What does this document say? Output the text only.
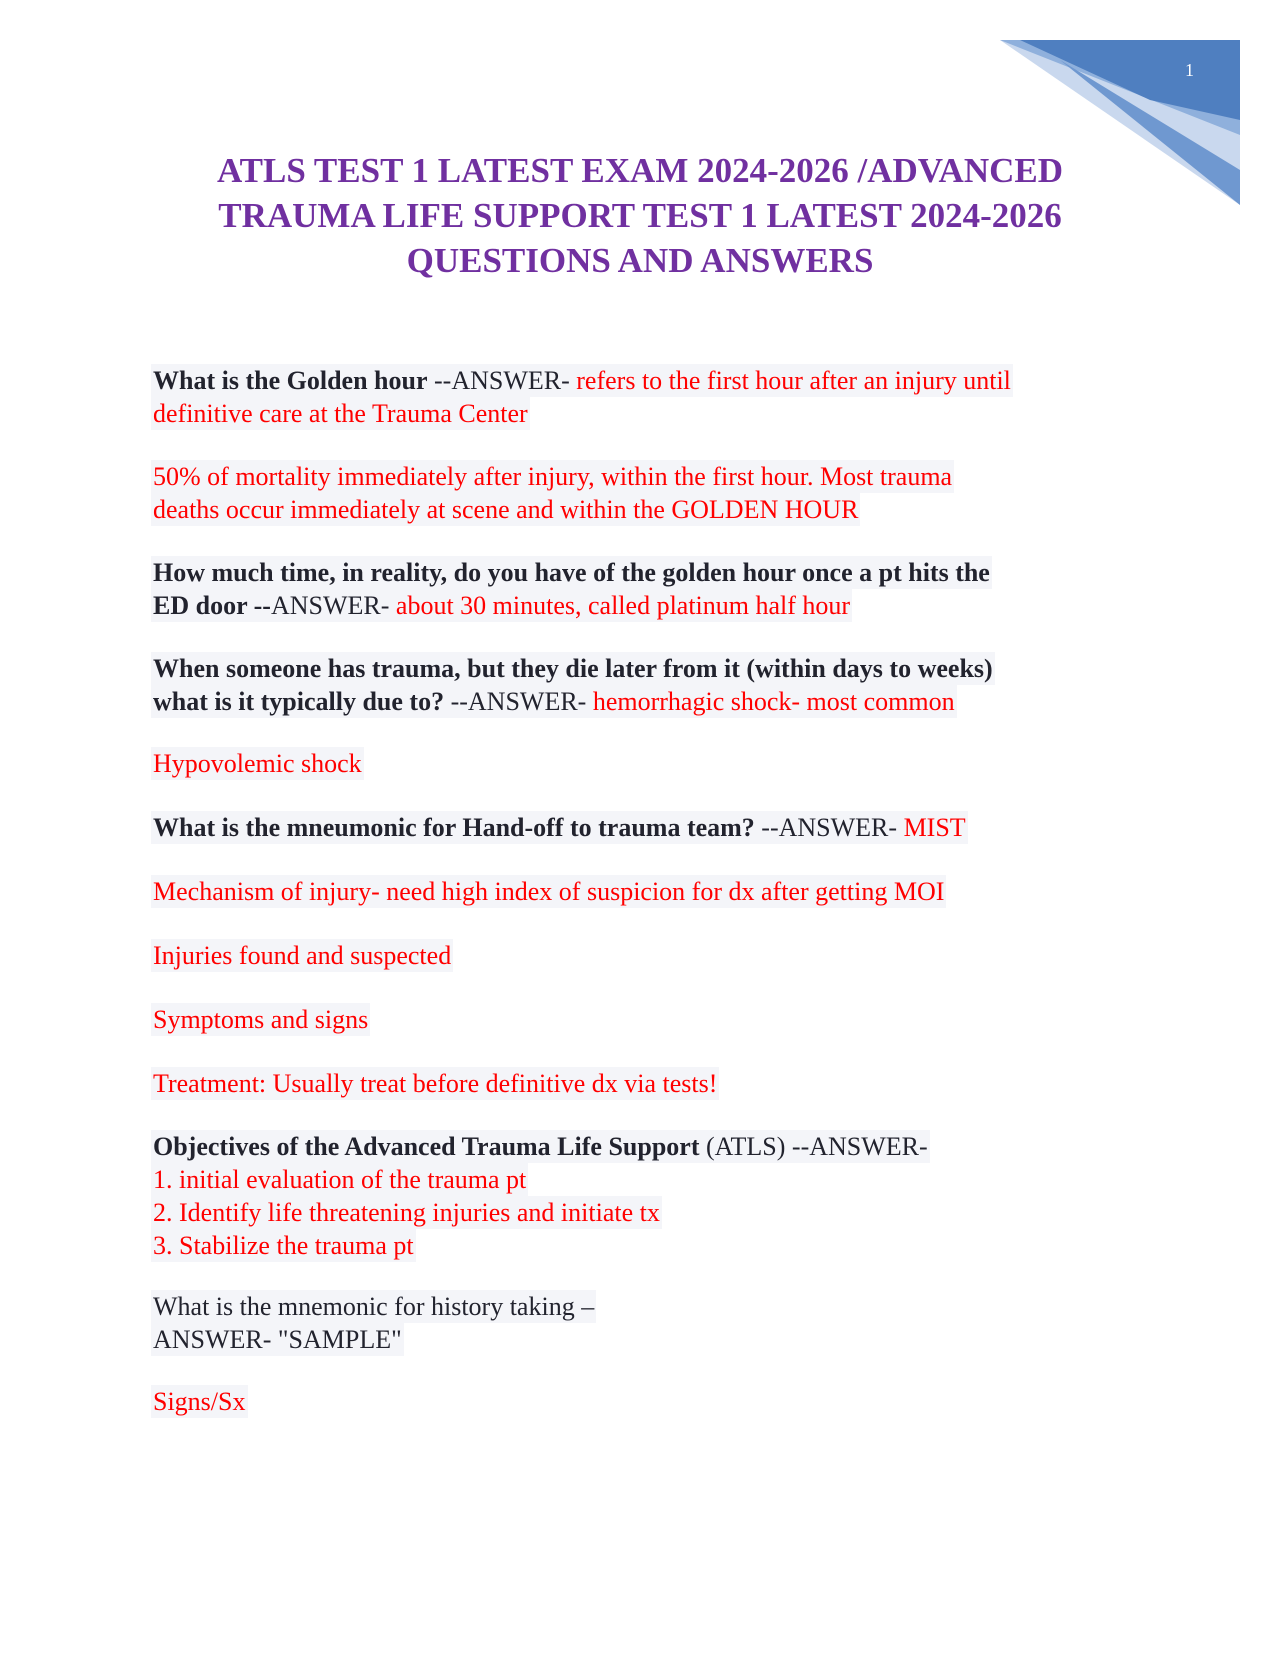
1
ATLS TEST 1 LATEST EXAM 2024-2026 /ADVANCED
TRAUMA LIFE SUPPORT TEST 1 LATEST 2024-2026
QUESTIONS AND ANSWERS
What is the Golden hour --ANSWER- refers to the first hour after an injury until
definitive care at the Trauma Center
50% of mortality immediately after injury, within the first hour. Most trauma
deaths occur immediately at scene and within the GOLDEN HOUR
How much time, in reality, do you have of the golden hour once a pt hits the
ED door --ANSWER- about 30 minutes, called platinum half hour
When someone has trauma, but they die later from it (within days to weeks)
what is it typically due to? --ANSWER- hemorrhagic shock- most common
Hypovolemic shock
What is the mneumonic for Hand-off to trauma team? --ANSWER- MIST
Mechanism of injury- need high index of suspicion for dx after getting MOI
Injuries found and suspected
Symptoms and signs
Treatment: Usually treat before definitive dx via tests!
Objectives of the Advanced Trauma Life Support (ATLS) --ANSWER-
1. initial evaluation of the trauma pt
2. Identify life threatening injuries and initiate tx
3. Stabilize the trauma pt
What is the mnemonic for history taking –
ANSWER- "SAMPLE"
Signs/Sx
